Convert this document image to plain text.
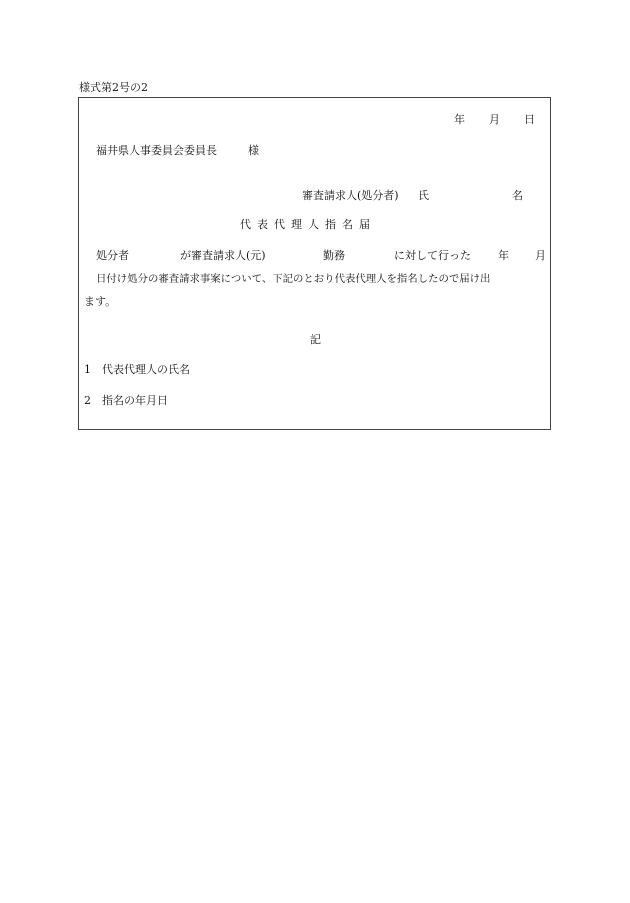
様式第2号の2
年 月 日
福井県人事委員会委員長	様
審査請求人(処分者) 氏	名
代表代理人指名届
処分者	が審査請求人(元)	勤務	に対して行った 年 月
日付け処分の審査請求事案について、下記のとおり代表代理人を指名したので届け出
ます。
記
1 代表代理人の氏名
2 指名の年月日
